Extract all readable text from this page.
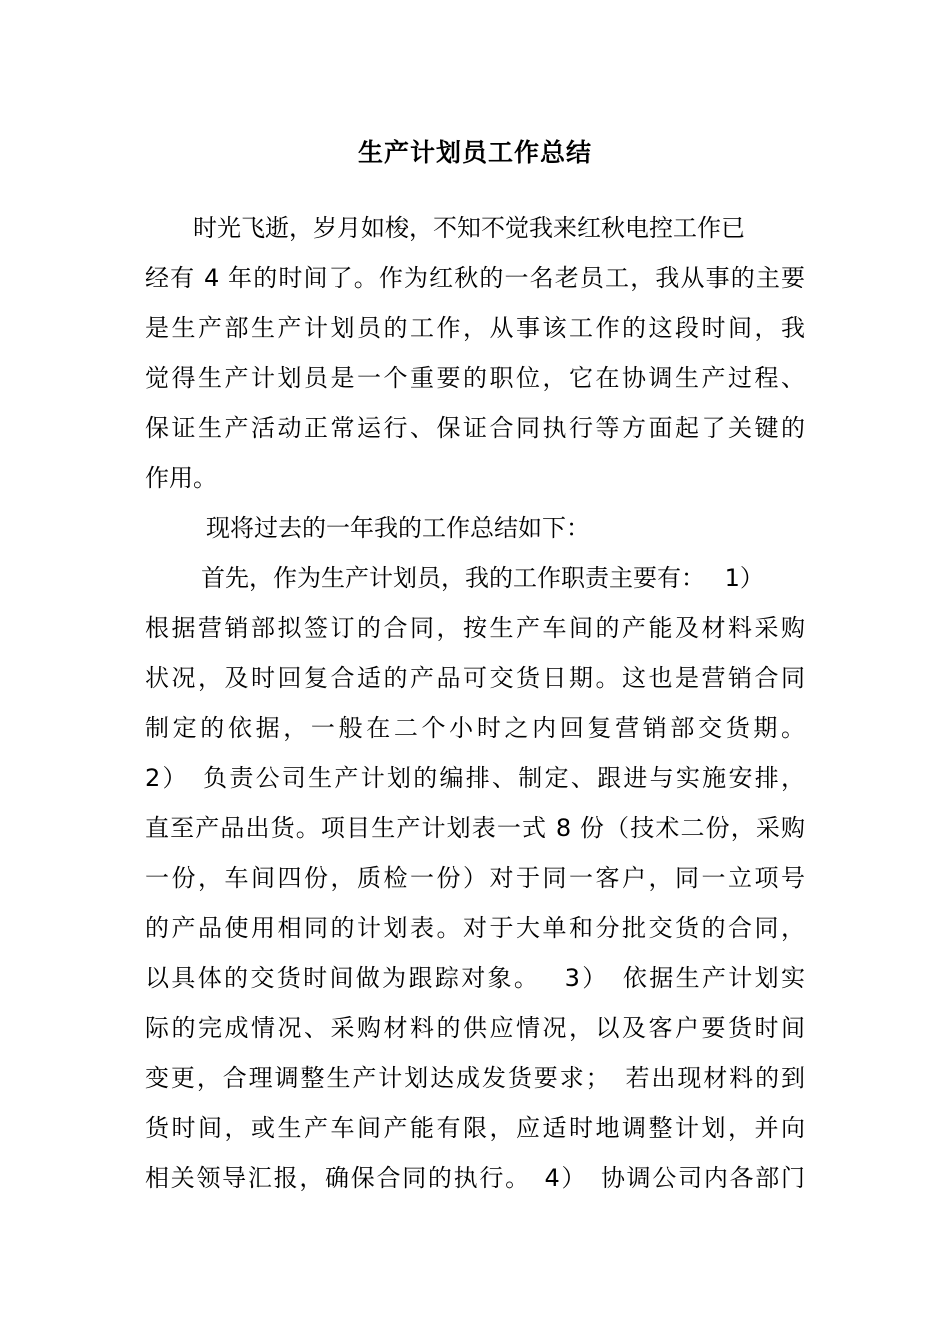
生产计划员工作总结
时光飞逝，岁月如梭，不知不觉我来红秋电控工作已
经有 4 年的时间了。作为红秋的一名老员工，我从事的主要
是生产部生产计划员的工作，从事该工作的这段时间，我
觉得生产计划员是一个重要的职位，它在协调生产过程、
保证生产活动正常运行、保证合同执行等方面起了关键的
作用。
现将过去的一年我的工作总结如下：
首先，作为生产计划员，我的工作职责主要有：　 1）
根据营销部拟签订的合同，按生产车间的产能及材料采购
状况，及时回复合适的产品可交货日期。这也是营销合同
制定的依据，一般在二个小时之内回复营销部交货期。
2）　负责公司生产计划的编排、制定、跟进与实施安排，
直至产品出货。项目生产计划表一式 8 份（技术二份，采购
一份，车间四份，质检一份）对于同一客户，同一立项号
的产品使用相同的计划表。对于大单和分批交货的合同，
以具体的交货时间做为跟踪对象。　 3）　依据生产计划实
际的完成情况、采购材料的供应情况，以及客户要货时间
变更，合理调整生产计划达成发货要求；　若出现材料的到
货时间，或生产车间产能有限，应适时地调整计划，并向
相关领导汇报，确保合同的执行。　4）　协调公司内各部门
